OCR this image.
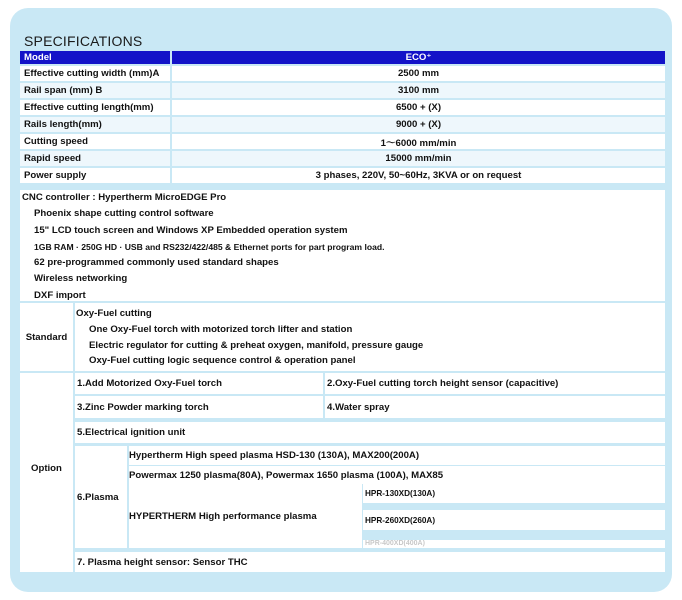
SPECIFICATIONS
Model	ECO⁺
Effective cutting width (mm)A	2500 mm
Rail span (mm) B	3100 mm
Effective cutting length(mm)	6500 + (X)
Rails length(mm)	9000 + (X)
Cutting speed	1～6000 mm/min
Rapid speed	15000 mm/min
Power supply	3 phases, 220V, 50~60Hz, 3KVA or on request
CNC controller : Hypertherm MicroEDGE Pro
Phoenix shape cutting control software
15" LCD touch screen and Windows XP Embedded operation system
1GB RAM · 250G HD · USB and RS232/422/485 & Ethernet ports for part program load.
62 pre-programmed commonly used standard shapes
Wireless networking
DXF import
Standard
Oxy-Fuel cutting
One Oxy-Fuel torch with motorized torch lifter and station
Electric regulator for cutting & preheat oxygen, manifold, pressure gauge
Oxy-Fuel cutting logic sequence control & operation panel
Option
1.Add Motorized Oxy-Fuel torch	2.Oxy-Fuel cutting torch height sensor (capacitive)
3.Zinc Powder marking torch	4.Water spray
5.Electrical ignition unit
6.Plasma
Hypertherm High speed plasma HSD-130 (130A), MAX200(200A)
Powermax 1250 plasma(80A), Powermax 1650 plasma (100A), MAX85
HYPERTHERM High performance plasma
HPR-130XD(130A)
HPR-260XD(260A)
HPR-400XD(400A)
7. Plasma height sensor: Sensor THC
